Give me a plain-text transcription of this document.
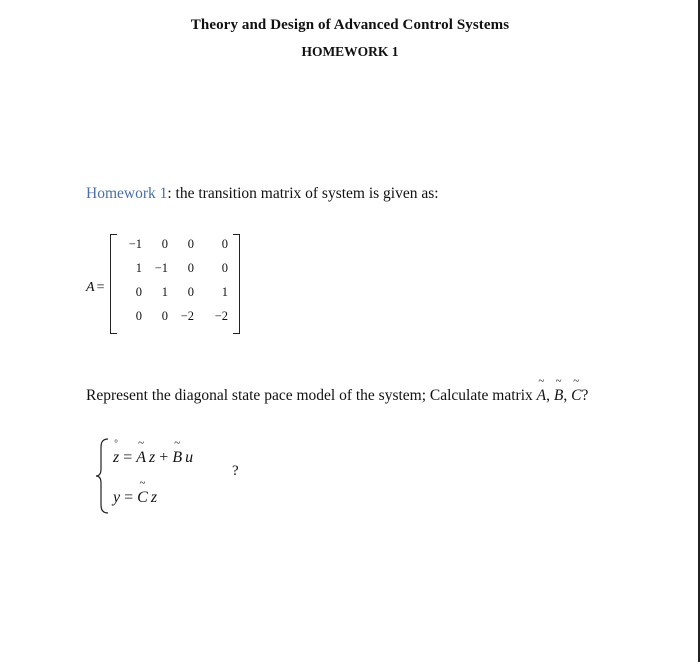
Theory and Design of Advanced Control Systems
HOMEWORK 1
Homework 1: the transition matrix of system is given as:
A =
−1	0	0	0
1	−1	0	0
0	1	0	1
0	0	−2	−2
Represent the diagonal state pace model of the system; Calculate matrix
~
A,
~
B,
~
C?
°
z =
~
A z +
~
B u
y =
~
C z
?
